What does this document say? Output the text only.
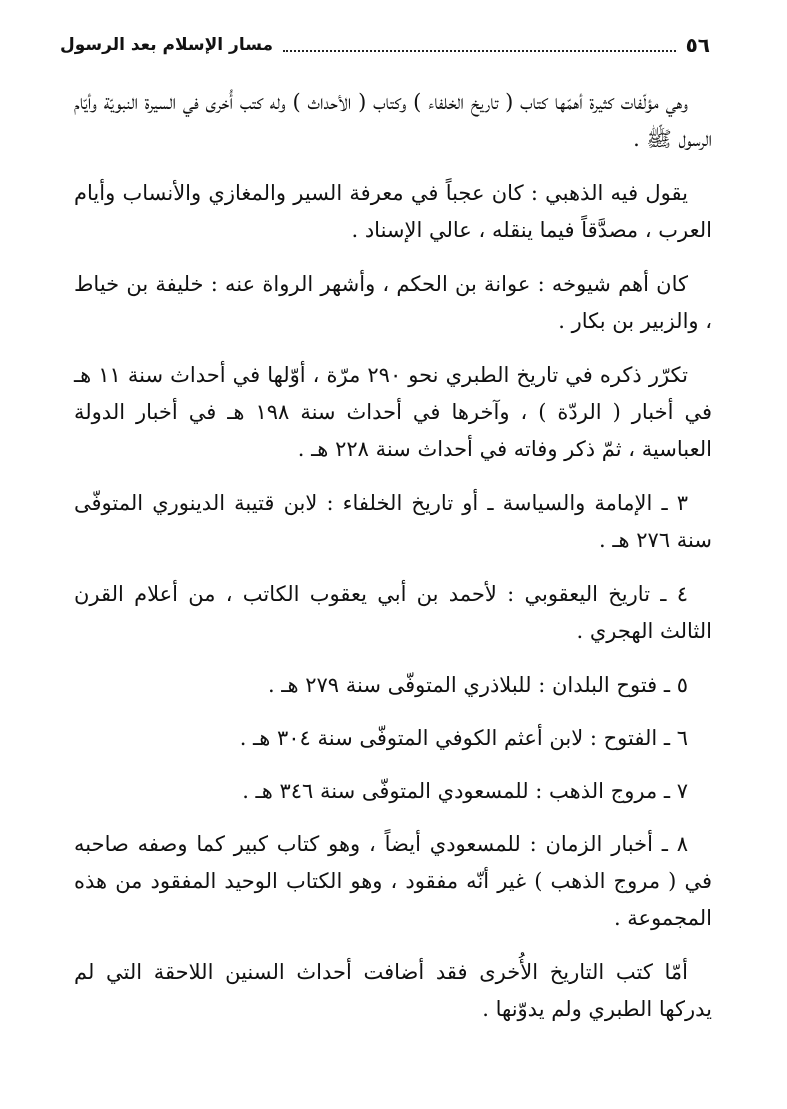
٥٦
مسار الإسلام بعد الرسول

وهي مؤلّفات كثيرة أهمّها كتاب ( تاريخ الخلفاء ) وكتاب ( الأحداث ) وله كتب أُخرى في السيرة النبويّة وأيّام الرسول ﷺ .

يقول فيه الذهبي : كان عجباً في معرفة السير والمغازي والأنساب وأيام العرب ، مصدَّقاً فيما ينقله ، عالي الإسناد .

كان أهم شيوخه : عوانة بن الحكم ، وأشهر الرواة عنه : خليفة بن خياط ، والزبير بن بكار .

تكرّر ذكره في تاريخ الطبري نحو ٢٩٠ مرّة ، أوّلها في أحداث سنة ١١ هـ في أخبار ( الردّة ) ، وآخرها في أحداث سنة ١٩٨ هـ في أخبار الدولة العباسية ، ثمّ ذكر وفاته في أحداث سنة ٢٢٨ هـ .

٣ ـ الإمامة والسياسة ـ أو تاريخ الخلفاء : لابن قتيبة الدينوري المتوفّى سنة ٢٧٦ هـ .

٤ ـ تاريخ اليعقوبي : لأحمد بن أبي يعقوب الكاتب ، من أعلام القرن الثالث الهجري .

٥ ـ فتوح البلدان : للبلاذري المتوفّى سنة ٢٧٩ هـ .

٦ ـ الفتوح : لابن أعثم الكوفي المتوفّى سنة ٣٠٤ هـ .

٧ ـ مروج الذهب : للمسعودي المتوفّى سنة ٣٤٦ هـ .

٨ ـ أخبار الزمان : للمسعودي أيضاً ، وهو كتاب كبير كما وصفه صاحبه في ( مروج الذهب ) غير أنّه مفقود ، وهو الكتاب الوحيد المفقود من هذه المجموعة .

أمّا كتب التاريخ الأُخرى فقد أضافت أحداث السنين اللاحقة التي لم يدركها الطبري ولم يدوّنها .
